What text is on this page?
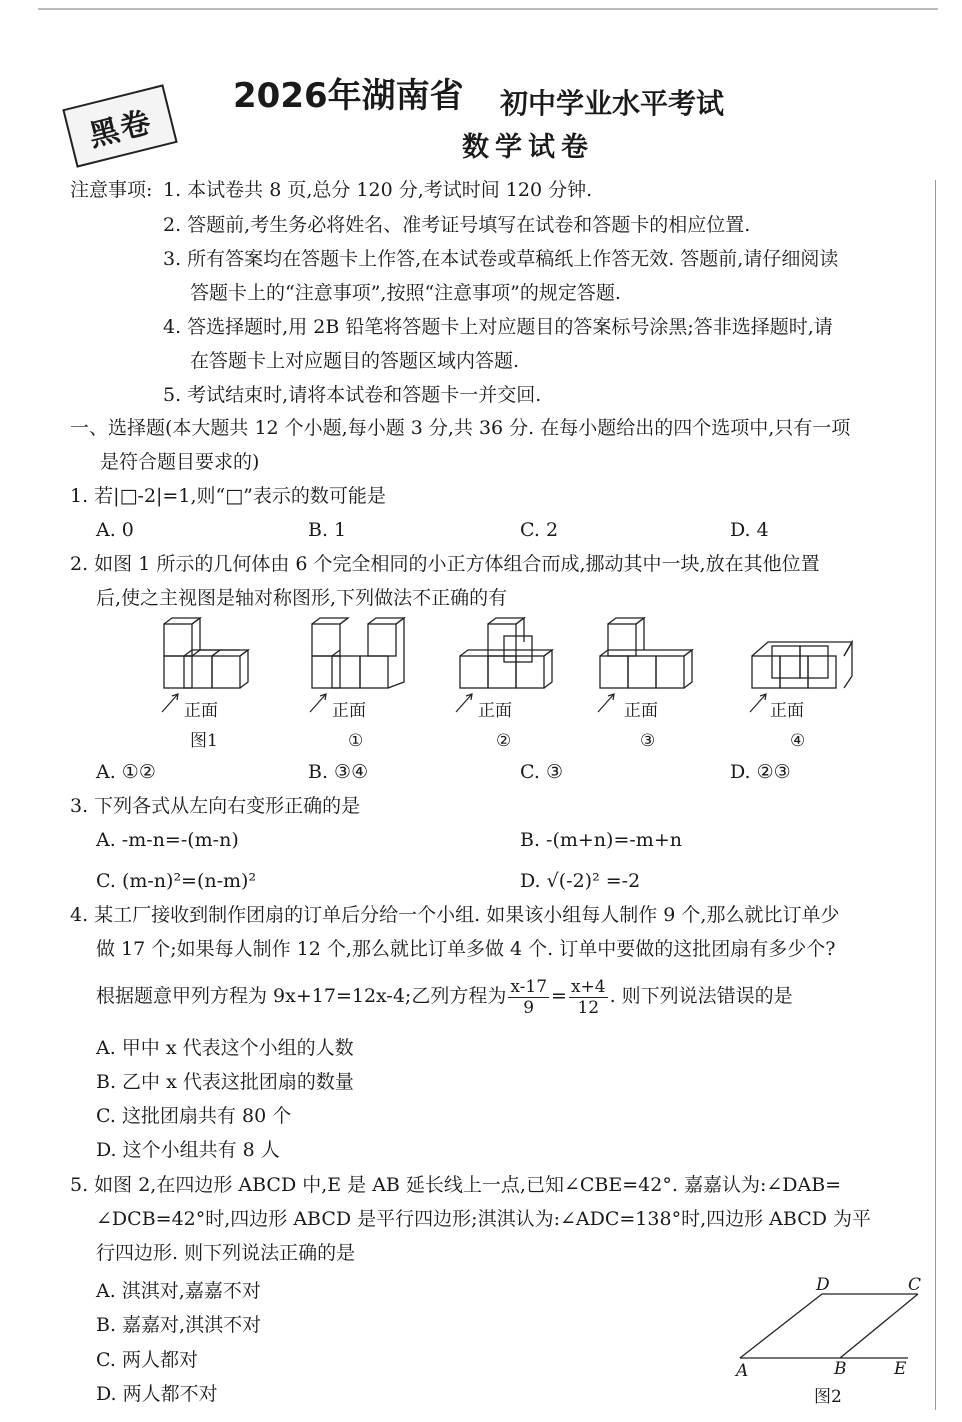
黑卷
2026年湖南省 初中学业水平考试
数学试卷
注意事项: 1. 本试卷共 8 页,总分 120 分,考试时间 120 分钟.
2. 答题前,考生务必将姓名、准考证号填写在试卷和答题卡的相应位置.
3. 所有答案均在答题卡上作答,在本试卷或草稿纸上作答无效. 答题前,请仔细阅读
答题卡上的“注意事项”,按照“注意事项”的规定答题.
4. 答选择题时,用 2B 铅笔将答题卡上对应题目的答案标号涂黑;答非选择题时,请
在答题卡上对应题目的答题区域内答题.
5. 考试结束时,请将本试卷和答题卡一并交回.
一、选择题(本大题共 12 个小题,每小题 3 分,共 36 分. 在每小题给出的四个选项中,只有一项
是符合题目要求的)
1. 若|□-2|=1,则“□”表示的数可能是
A. 0	B. 1	C. 2	D. 4
2. 如图 1 所示的几何体由 6 个完全相同的小正方体组合而成,挪动其中一块,放在其他位置
后,使之主视图是轴对称图形,下列做法不正确的有
正面	正面	正面	正面	正面
图1	①	②	③	④
A. ①②	B. ③④	C. ③	D. ②③
3. 下列各式从左向右变形正确的是
A. -m-n=-(m-n)	B. -(m+n)=-m+n
C. (m-n)²=(n-m)²	D. √(-2)² =-2
4. 某工厂接收到制作团扇的订单后分给一个小组. 如果该小组每人制作 9 个,那么就比订单少
做 17 个;如果每人制作 12 个,那么就比订单多做 4 个. 订单中要做的这批团扇有多少个?
根据题意甲列方程为 9x+17=12x-4;乙列方程为 $\frac{x-17}{9} = \frac{x+4}{12}$ . 则下列说法错误的是
A. 甲中 x 代表这个小组的人数
B. 乙中 x 代表这批团扇的数量
C. 这批团扇共有 80 个
D. 这个小组共有 8 人
5. 如图 2,在四边形 ABCD 中,E 是 AB 延长线上一点,已知∠CBE=42°. 嘉嘉认为:∠DAB=
∠DCB=42°时,四边形 ABCD 是平行四边形;淇淇认为:∠ADC=138°时,四边形 ABCD 为平
行四边形. 则下列说法正确的是
A. 淇淇对,嘉嘉不对
B. 嘉嘉对,淇淇不对
C. 两人都对
D. 两人都不对
A	B
C
D
E
图2
